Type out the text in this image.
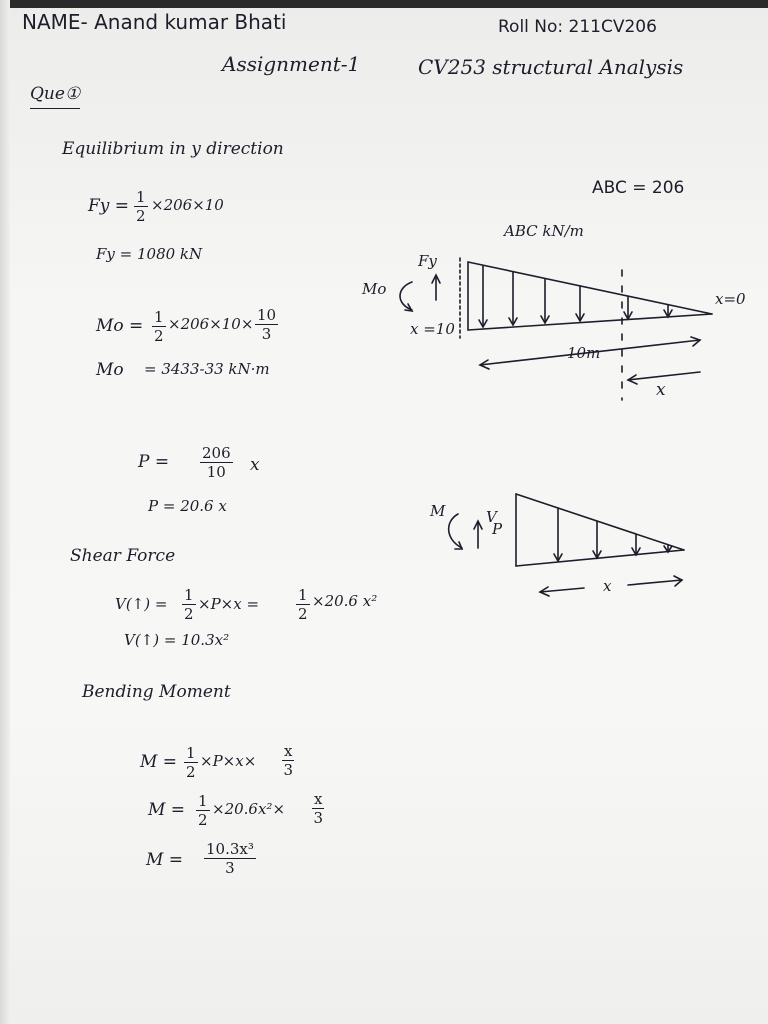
NAME- Anand kumar Bhati	Roll No: 211CV206
Assignment-1	CV253 structural Analysis
Que①
Equilibrium in y direction
$Fy = \frac{1}{2} \times 206\times 10$
Fy = 1080 kN
$Mo = \frac{1}{2} \times 206\times 10\times \frac{10}{3}$
Mo = 3433-33 kN·m
ABC = 206
ABC kN/m
Fy
Mo
x =10
x=0
10m
x
$P = \frac{206}{10}$ x
P = 20.6 x	M	V
P
x
Shear Force
V(↑) = $\frac{1}{2} \times P\times x = \frac{1}{2} \times 20.6$ x²
V(↑) = 10.3x²
Bending Moment
$M = \frac{1}{2} \times P\times x\times \frac{x}{3}$
$M = \frac{1}{2} \times 20.6x^2\times \frac{x}{3}$
$M = \frac{\text{10.3x³}}{3}$
